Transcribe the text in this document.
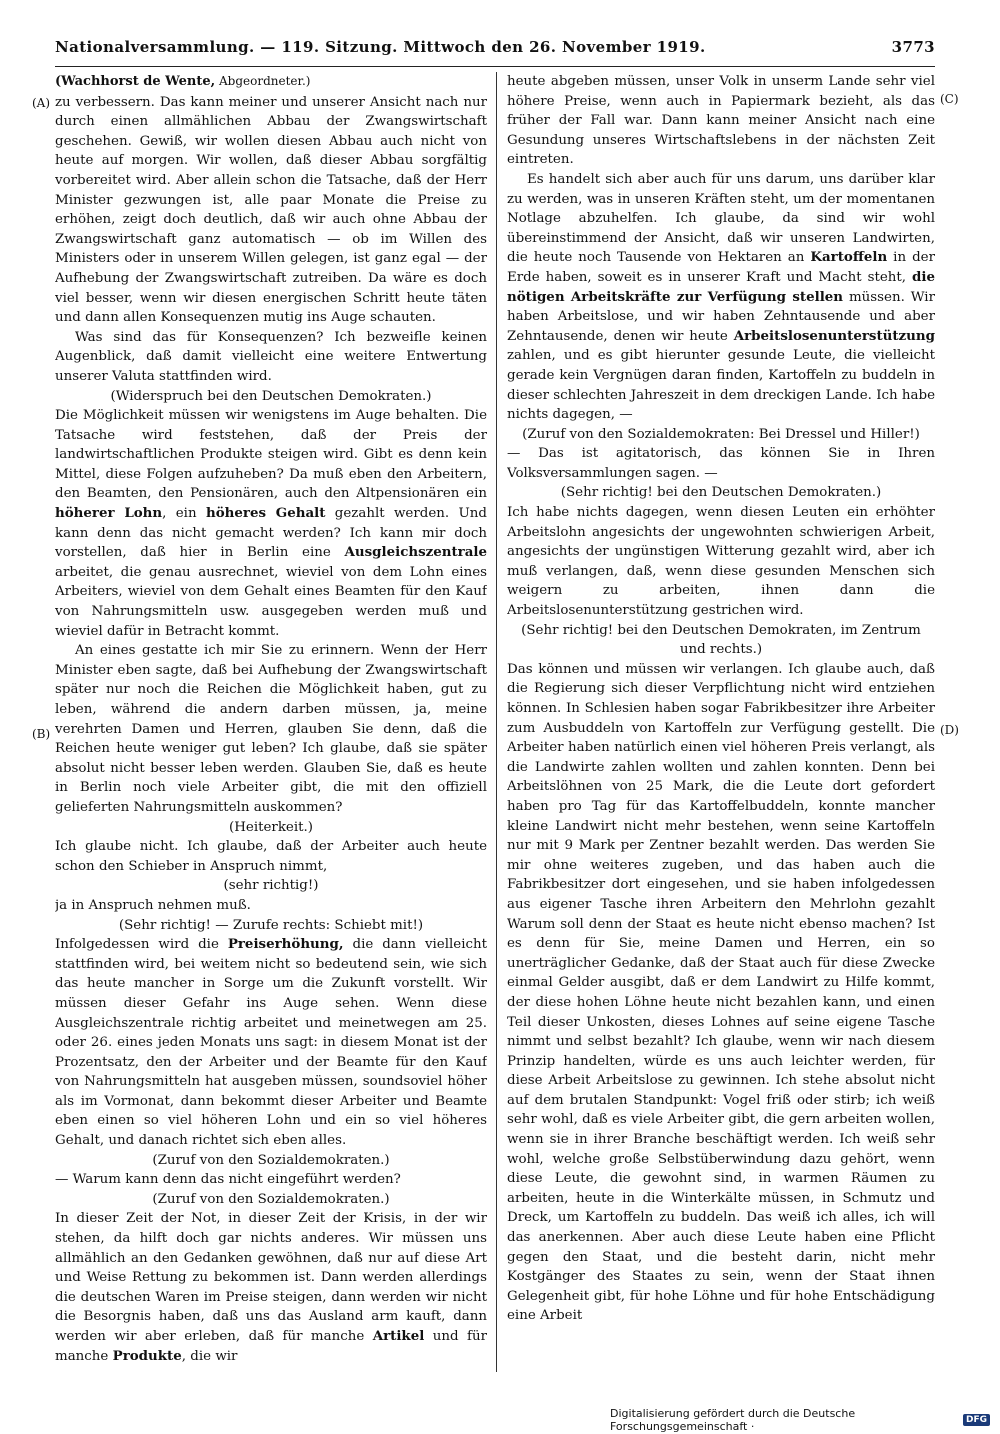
Nationalversammlung. — 119. Sitzung. Mittwoch den 26. November 1919.	3773
(A)
(B)
(C)
(D)
(Wachhorst de Wente, Abgeordneter.)

zu verbessern. Das kann meiner und unserer Ansicht nach nur durch einen allmählichen Abbau der Zwangswirtschaft geschehen. Gewiß, wir wollen diesen Abbau auch nicht von heute auf morgen. Wir wollen, daß dieser Abbau sorgfältig vorbereitet wird. Aber allein schon die Tatsache, daß der Herr Minister gezwungen ist, alle paar Monate die Preise zu erhöhen, zeigt doch deutlich, daß wir auch ohne Abbau der Zwangswirtschaft ganz automatisch — ob im Willen des Ministers oder in unserem Willen gelegen, ist ganz egal — der Aufhebung der Zwangswirtschaft zutreiben. Da wäre es doch viel besser, wenn wir diesen energischen Schritt heute täten und dann allen Konsequenzen mutig ins Auge schauten.

Was sind das für Konsequenzen? Ich bezweifle keinen Augenblick, daß damit vielleicht eine weitere Entwertung unserer Valuta stattfinden wird.

(Widerspruch bei den Deutschen Demokraten.)

Die Möglichkeit müssen wir wenigstens im Auge behalten. Die Tatsache wird feststehen, daß der Preis der landwirtschaftlichen Produkte steigen wird. Gibt es denn kein Mittel, diese Folgen aufzuheben? Da muß eben den Arbeitern, den Beamten, den Pensionären, auch den Altpensionären ein höherer Lohn, ein höheres Gehalt gezahlt werden. Und kann denn das nicht gemacht werden? Ich kann mir doch vorstellen, daß hier in Berlin eine Ausgleichszentrale arbeitet, die genau ausrechnet, wieviel von dem Lohn eines Arbeiters, wieviel von dem Gehalt eines Beamten für den Kauf von Nahrungsmitteln usw. ausgegeben werden muß und wieviel dafür in Betracht kommt.

An eines gestatte ich mir Sie zu erinnern. Wenn der Herr Minister eben sagte, daß bei Aufhebung der Zwangswirtschaft später nur noch die Reichen die Möglichkeit haben, gut zu leben, während die andern darben müssen, ja, meine verehrten Damen und Herren, glauben Sie denn, daß die Reichen heute weniger gut leben? Ich glaube, daß sie später absolut nicht besser leben werden. Glauben Sie, daß es heute in Berlin noch viele Arbeiter gibt, die mit den offiziell gelieferten Nahrungsmitteln auskommen?

(Heiterkeit.)

Ich glaube nicht. Ich glaube, daß der Arbeiter auch heute schon den Schieber in Anspruch nimmt,

(sehr richtig!)

ja in Anspruch nehmen muß.

(Sehr richtig! — Zurufe rechts: Schiebt mit!)

Infolgedessen wird die Preiserhöhung, die dann vielleicht stattfinden wird, bei weitem nicht so bedeutend sein, wie sich das heute mancher in Sorge um die Zukunft vorstellt. Wir müssen dieser Gefahr ins Auge sehen. Wenn diese Ausgleichszentrale richtig arbeitet und meinetwegen am 25. oder 26. eines jeden Monats uns sagt: in diesem Monat ist der Prozentsatz, den der Arbeiter und der Beamte für den Kauf von Nahrungsmitteln hat ausgeben müssen, soundsoviel höher als im Vormonat, dann bekommt dieser Arbeiter und Beamte eben einen so viel höheren Lohn und ein so viel höheres Gehalt, und danach richtet sich eben alles.

(Zuruf von den Sozialdemokraten.)

— Warum kann denn das nicht eingeführt werden?

(Zuruf von den Sozialdemokraten.)

In dieser Zeit der Not, in dieser Zeit der Krisis, in der wir stehen, da hilft doch gar nichts anderes. Wir müssen uns allmählich an den Gedanken gewöhnen, daß nur auf diese Art und Weise Rettung zu bekommen ist. Dann werden allerdings die deutschen Waren im Preise steigen, dann werden wir nicht die Besorgnis haben, daß uns das Ausland arm kauft, dann werden wir aber erleben, daß für manche Artikel und für manche Produkte, die wir

heute abgeben müssen, unser Volk in unserm Lande sehr viel höhere Preise, wenn auch in Papiermark bezieht, als das früher der Fall war. Dann kann meiner Ansicht nach eine Gesundung unseres Wirtschaftslebens in der nächsten Zeit eintreten.

Es handelt sich aber auch für uns darum, uns darüber klar zu werden, was in unseren Kräften steht, um der momentanen Notlage abzuhelfen. Ich glaube, da sind wir wohl übereinstimmend der Ansicht, daß wir unseren Landwirten, die heute noch Tausende von Hektaren an Kartoffeln in der Erde haben, soweit es in unserer Kraft und Macht steht, die nötigen Arbeitskräfte zur Verfügung stellen müssen. Wir haben Arbeitslose, und wir haben Zehntausende und aber Zehntausende, denen wir heute Arbeitslosenunterstützung zahlen, und es gibt hierunter gesunde Leute, die vielleicht gerade kein Vergnügen daran finden, Kartoffeln zu buddeln in dieser schlechten Jahreszeit in dem dreckigen Lande. Ich habe nichts dagegen, —

(Zuruf von den Sozialdemokraten: Bei Dressel und Hiller!)

— Das ist agitatorisch, das können Sie in Ihren Volksversammlungen sagen. —

(Sehr richtig! bei den Deutschen Demokraten.)

Ich habe nichts dagegen, wenn diesen Leuten ein erhöhter Arbeitslohn angesichts der ungewohnten schwierigen Arbeit, angesichts der ungünstigen Witterung gezahlt wird, aber ich muß verlangen, daß, wenn diese gesunden Menschen sich weigern zu arbeiten, ihnen dann die Arbeitslosenunterstützung gestrichen wird.

(Sehr richtig! bei den Deutschen Demokraten, im Zentrum und rechts.)

Das können und müssen wir verlangen. Ich glaube auch, daß die Regierung sich dieser Verpflichtung nicht wird entziehen können. In Schlesien haben sogar Fabrikbesitzer ihre Arbeiter zum Ausbuddeln von Kartoffeln zur Verfügung gestellt. Die Arbeiter haben natürlich einen viel höheren Preis verlangt, als die Landwirte zahlen wollten und zahlen konnten. Denn bei Arbeitslöhnen von 25 Mark, die die Leute dort gefordert haben pro Tag für das Kartoffelbuddeln, konnte mancher kleine Landwirt nicht mehr bestehen, wenn seine Kartoffeln nur mit 9 Mark per Zentner bezahlt werden. Das werden Sie mir ohne weiteres zugeben, und das haben auch die Fabrikbesitzer dort eingesehen, und sie haben infolgedessen aus eigener Tasche ihren Arbeitern den Mehrlohn gezahlt Warum soll denn der Staat es heute nicht ebenso machen? Ist es denn für Sie, meine Damen und Herren, ein so unerträglicher Gedanke, daß der Staat auch für diese Zwecke einmal Gelder ausgibt, daß er dem Landwirt zu Hilfe kommt, der diese hohen Löhne heute nicht bezahlen kann, und einen Teil dieser Unkosten, dieses Lohnes auf seine eigene Tasche nimmt und selbst bezahlt? Ich glaube, wenn wir nach diesem Prinzip handelten, würde es uns auch leichter werden, für diese Arbeit Arbeitslose zu gewinnen. Ich stehe absolut nicht auf dem brutalen Standpunkt: Vogel friß oder stirb; ich weiß sehr wohl, daß es viele Arbeiter gibt, die gern arbeiten wollen, wenn sie in ihrer Branche beschäftigt werden. Ich weiß sehr wohl, welche große Selbstüberwindung dazu gehört, wenn diese Leute, die gewohnt sind, in warmen Räumen zu arbeiten, heute in die Winterkälte müssen, in Schmutz und Dreck, um Kartoffeln zu buddeln. Das weiß ich alles, ich will das anerkennen. Aber auch diese Leute haben eine Pflicht gegen den Staat, und die besteht darin, nicht mehr Kostgänger des Staates zu sein, wenn der Staat ihnen Gelegenheit gibt, für hohe Löhne und für hohe Entschädigung eine Arbeit

Digitalisierung gefördert durch die Deutsche Forschungsgemeinschaft ·	DFG
